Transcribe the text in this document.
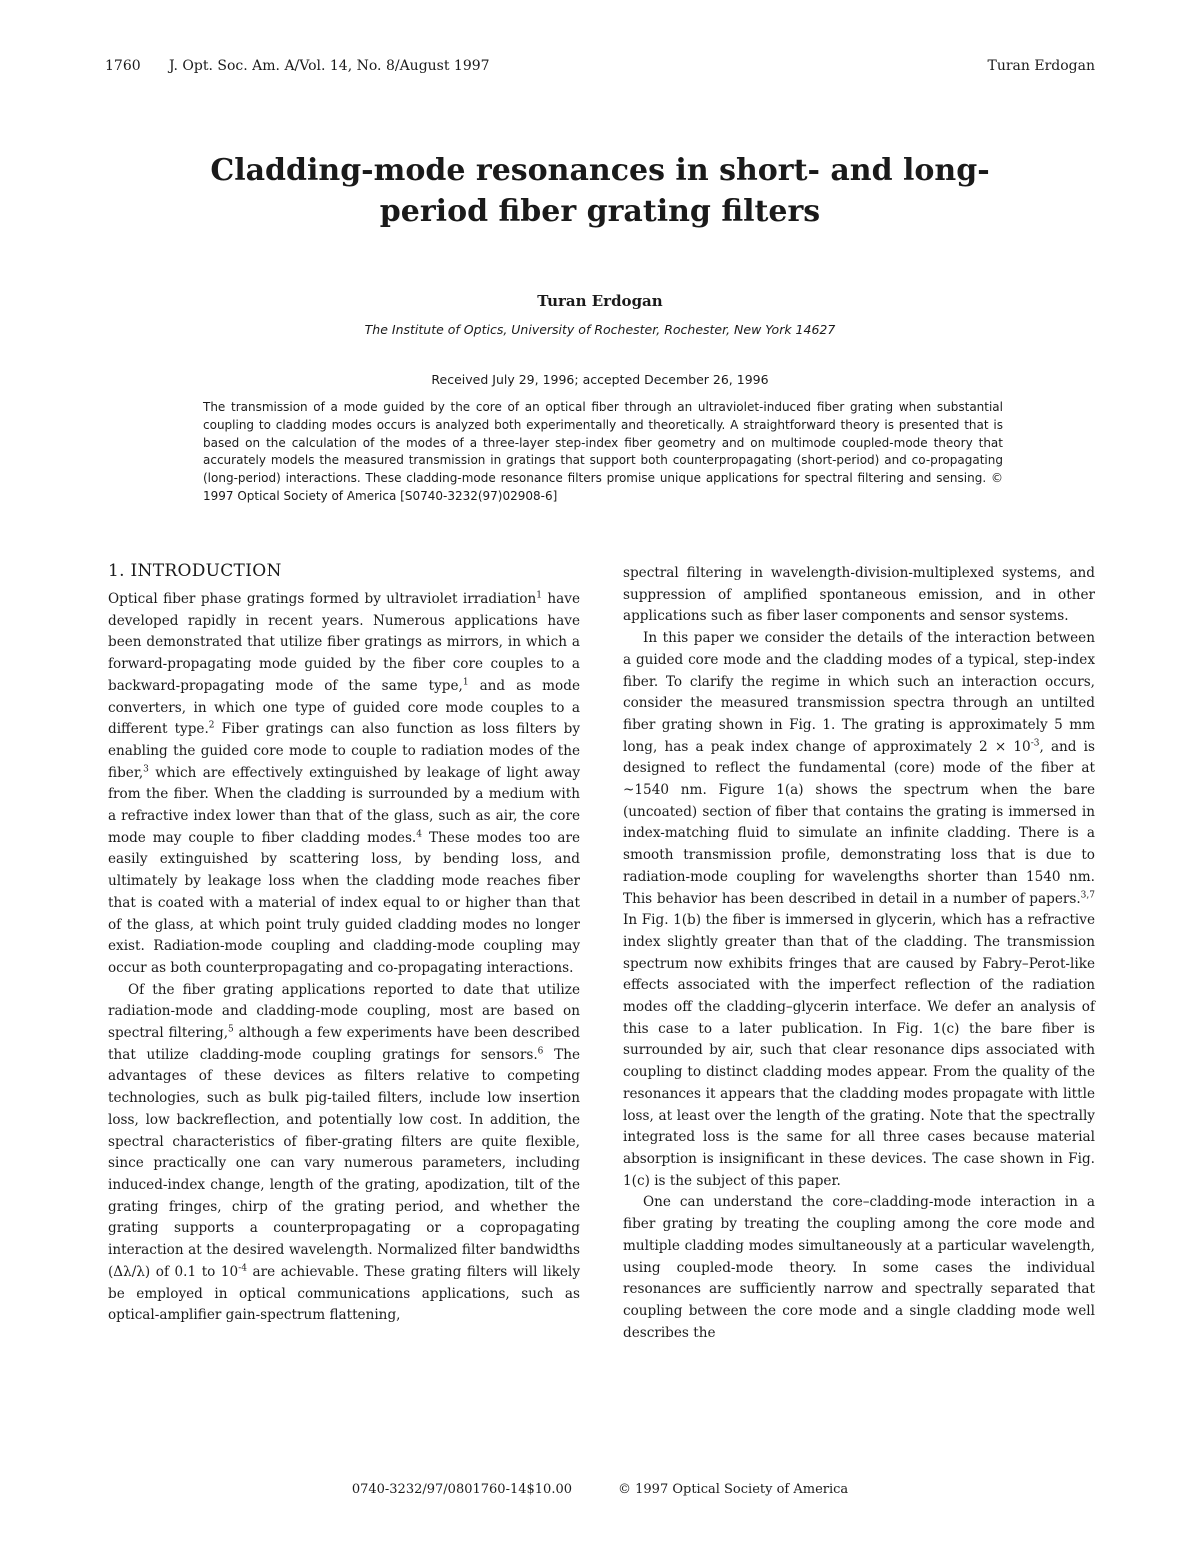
1760 J. Opt. Soc. Am. A/Vol. 14, No. 8/August 1997	Turan Erdogan
Cladding-mode resonances in short- and long-
period fiber grating filters
Turan Erdogan
The Institute of Optics, University of Rochester, Rochester, New York 14627
Received July 29, 1996; accepted December 26, 1996
The transmission of a mode guided by the core of an optical fiber through an ultraviolet-induced fiber grating when substantial coupling to cladding modes occurs is analyzed both experimentally and theoretically. A straightforward theory is presented that is based on the calculation of the modes of a three-layer step-index fiber geometry and on multimode coupled-mode theory that accurately models the measured transmission in gratings that support both counterpropagating (short-period) and co-propagating (long-period) interactions. These cladding-mode resonance filters promise unique applications for spectral filtering and sensing. © 1997 Optical Society of America [S0740-3232(97)02908-6]
1. INTRODUCTION

Optical fiber phase gratings formed by ultraviolet irradiation$^1$ have developed rapidly in recent years. Numerous applications have been demonstrated that utilize fiber gratings as mirrors, in which a forward-propagating mode guided by the fiber core couples to a backward-propagating mode of the same type,$^1$ and as mode converters, in which one type of guided core mode couples to a different type.$^2$ Fiber gratings can also function as loss filters by enabling the guided core mode to couple to radiation modes of the fiber,$^3$ which are effectively extinguished by leakage of light away from the fiber. When the cladding is surrounded by a medium with a refractive index lower than that of the glass, such as air, the core mode may couple to fiber cladding modes.$^4$ These modes too are easily extinguished by scattering loss, by bending loss, and ultimately by leakage loss when the cladding mode reaches fiber that is coated with a material of index equal to or higher than that of the glass, at which point truly guided cladding modes no longer exist. Radiation-mode coupling and cladding-mode coupling may occur as both counterpropagating and co-propagating interactions.

Of the fiber grating applications reported to date that utilize radiation-mode and cladding-mode coupling, most are based on spectral filtering,$^5$ although a few experiments have been described that utilize cladding-mode coupling gratings for sensors.$^6$ The advantages of these devices as filters relative to competing technologies, such as bulk pig-tailed filters, include low insertion loss, low backreflection, and potentially low cost. In addition, the spectral characteristics of fiber-grating filters are quite flexible, since practically one can vary numerous parameters, including induced-index change, length of the grating, apodization, tilt of the grating fringes, chirp of the grating period, and whether the grating supports a counterpropagating or a copropagating interaction at the desired wavelength. Normalized filter bandwidths (Δλ/λ) of 0.1 to $10^{-4}$ are achievable. These grating filters will likely be employed in optical communications applications, such as optical-amplifier gain-spectrum flattening,

spectral filtering in wavelength-division-multiplexed systems, and suppression of amplified spontaneous emission, and in other applications such as fiber laser components and sensor systems.

In this paper we consider the details of the interaction between a guided core mode and the cladding modes of a typical, step-index fiber. To clarify the regime in which such an interaction occurs, consider the measured transmission spectra through an untilted fiber grating shown in Fig. 1. The grating is approximately 5 mm long, has a peak index change of approximately $2 \times 10^{-3}$, and is designed to reflect the fundamental (core) mode of the fiber at ~1540 nm. Figure 1(a) shows the spectrum when the bare (uncoated) section of fiber that contains the grating is immersed in index-matching fluid to simulate an infinite cladding. There is a smooth transmission profile, demonstrating loss that is due to radiation-mode coupling for wavelengths shorter than 1540 nm. This behavior has been described in detail in a number of papers.$^{3,7}$ In Fig. 1(b) the fiber is immersed in glycerin, which has a refractive index slightly greater than that of the cladding. The transmission spectrum now exhibits fringes that are caused by Fabry–Perot-like effects associated with the imperfect reflection of the radiation modes off the cladding–glycerin interface. We defer an analysis of this case to a later publication. In Fig. 1(c) the bare fiber is surrounded by air, such that clear resonance dips associated with coupling to distinct cladding modes appear. From the quality of the resonances it appears that the cladding modes propagate with little loss, at least over the length of the grating. Note that the spectrally integrated loss is the same for all three cases because material absorption is insignificant in these devices. The case shown in Fig. 1(c) is the subject of this paper.

One can understand the core–cladding-mode interaction in a fiber grating by treating the coupling among the core mode and multiple cladding modes simultaneously at a particular wavelength, using coupled-mode theory. In some cases the individual resonances are sufficiently narrow and spectrally separated that coupling between the core mode and a single cladding mode well describes the

0740-3232/97/0801760-14$10.00	© 1997 Optical Society of America
